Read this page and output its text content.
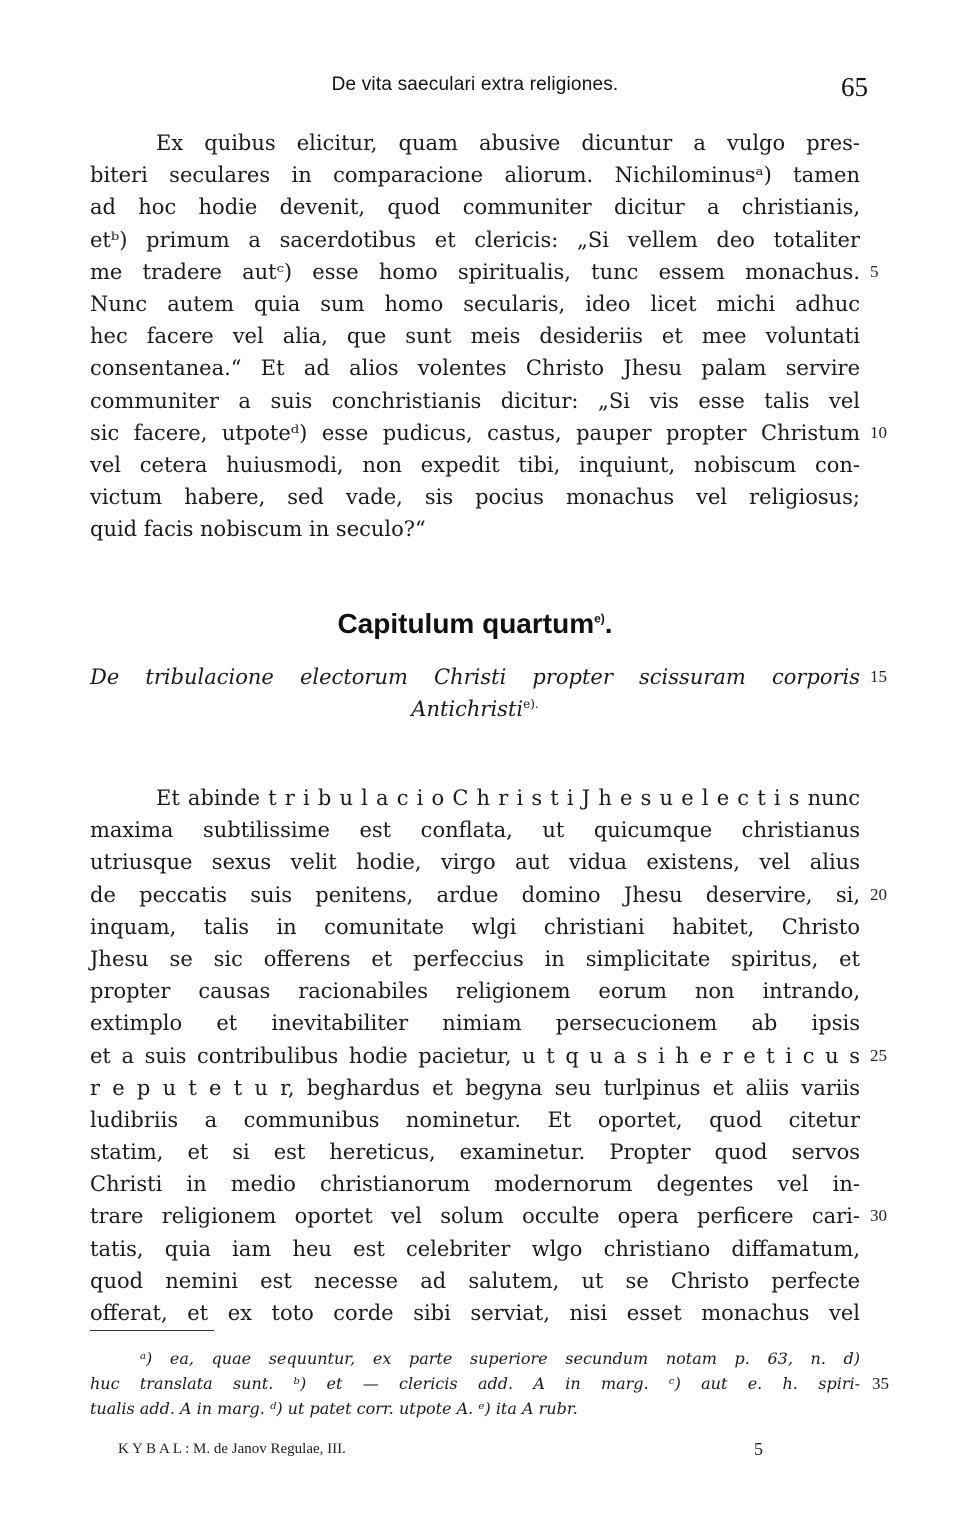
De vita saeculari extra religiones.	65
Ex quibus elicitur, quam abusive dicuntur a vulgo pres-
biteri seculares in comparacione aliorum. Nichilominusᵃ) tamen
ad hoc hodie devenit, quod communiter dicitur a christianis,
etᵇ) primum a sacerdotibus et clericis: „Si vellem deo totaliter
me tradere autᶜ) esse homo spiritualis, tunc essem monachus. 5
Nunc autem quia sum homo secularis, ideo licet michi adhuc
hec facere vel alia, que sunt meis desideriis et mee voluntati
consentanea.“ Et ad alios volentes Christo Jhesu palam servire
communiter a suis conchristianis dicitur: „Si vis esse talis vel
sic facere, utpoteᵈ) esse pudicus, castus, pauper propter Christum 10
vel cetera huiusmodi, non expedit tibi, inquiunt, nobiscum con-
victum habere, sed vade, sis pocius monachus vel religiosus;
quid facis nobiscum in seculo?“
Capitulum quartum$^{e)}$.
De tribulacione electorum Christi propter scissuram corporis 15
Antichristi$^{e).}$
Et abinde t r i b u l a c i o C h r i s t i J h e s u e l e c t i s nunc
maxima subtilissime est conflata, ut quicumque christianus
utriusque sexus velit hodie, virgo aut vidua existens, vel alius
de peccatis suis penitens, ardue domino Jhesu deservire, si, 20
inquam, talis in comunitate wlgi christiani habitet, Christo
Jhesu se sic offerens et perfeccius in simplicitate spiritus, et
propter causas racionabiles religionem eorum non intrando,
extimplo et inevitabiliter nimiam persecucionem ab ipsis
et a suis contribulibus hodie pacietur, u t q u a s i h e r e t i c u s 25
r e p u t e t u r, beghardus et begyna seu turlpinus et aliis variis
ludibriis a communibus nominetur. Et oportet, quod citetur
statim, et si est hereticus, examinetur. Propter quod servos
Christi in medio christianorum modernorum degentes vel in-
trare religionem oportet vel solum occulte opera perficere cari- 30
tatis, quia iam heu est celebriter wlgo christiano diffamatum,
quod nemini est necesse ad salutem, ut se Christo perfecte
offerat, et ex toto corde sibi serviat, nisi esset monachus vel
ᵃ) ea, quae sequuntur, ex parte superiore secundum notam p. 63, n. d)
huc translata sunt. ᵇ) et — clericis add. A in marg. ᶜ) aut e. h. spiri- 35
tualis add. A in marg. ᵈ) ut patet corr. utpote A. ᵉ) ita A rubr.
K Y B A L : M. de Janov Regulae, III.	5
